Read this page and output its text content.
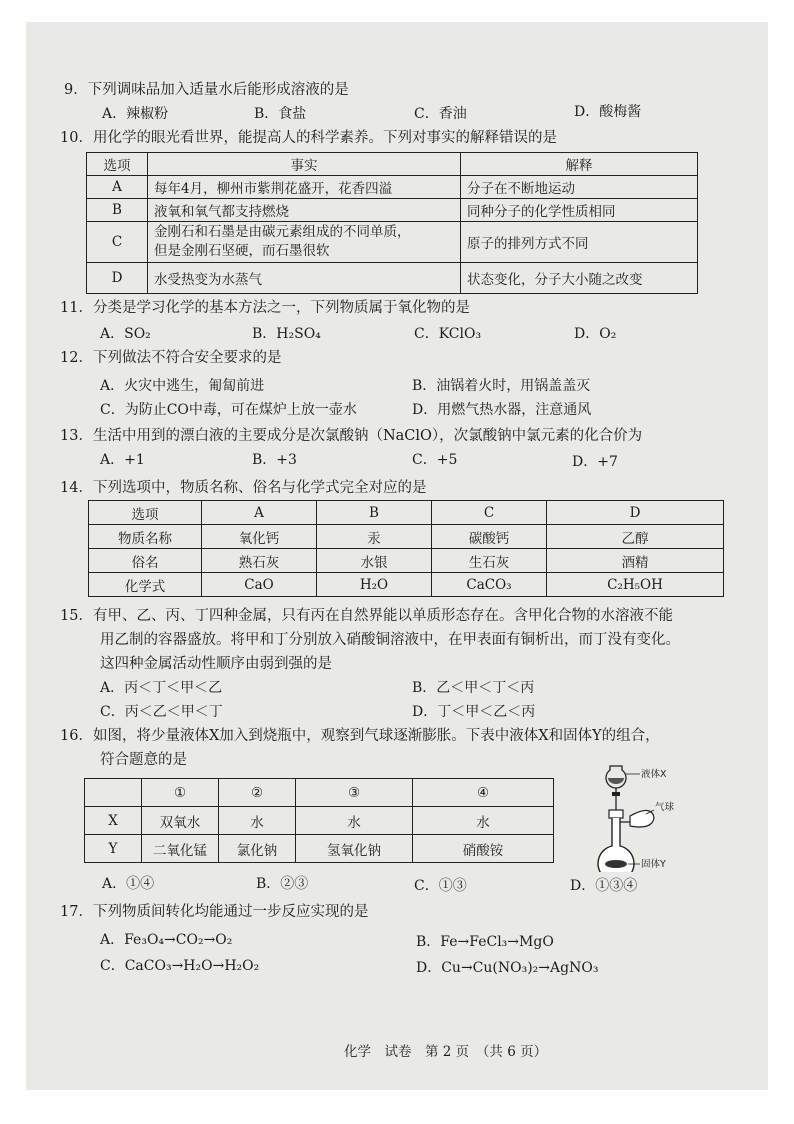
9．下列调味品加入适量水后能形成溶液的是
A．辣椒粉	B．食盐	C．香油	D．酸梅酱
10．用化学的眼光看世界，能提高人的科学素养。下列对事实的解释错误的是
选项	事实	解释
A	每年4月，柳州市紫荆花盛开，花香四溢	分子在不断地运动
B	液氧和氧气都支持燃烧	同种分子的化学性质相同
C	金刚石和石墨是由碳元素组成的不同单质，
但是金刚石坚硬，而石墨很软	原子的排列方式不同
D	水受热变为水蒸气	状态变化，分子大小随之改变
11．分类是学习化学的基本方法之一，下列物质属于氧化物的是
A．SO₂	B．H₂SO₄	C．KClO₃	D．O₂
12．下列做法不符合安全要求的是
A．火灾中逃生，匍匐前进	B．油锅着火时，用锅盖盖灭
C．为防止CO中毒，可在煤炉上放一壶水	D．用燃气热水器，注意通风
13．生活中用到的漂白液的主要成分是次氯酸钠（NaClO），次氯酸钠中氯元素的化合价为
A．+1	B．+3	C．+5	D．+7
14．下列选项中，物质名称、俗名与化学式完全对应的是
选项	A	B	C	D
物质名称	氧化钙	汞	碳酸钙	乙醇
俗名	熟石灰	水银	生石灰	酒精
化学式	CaO	H₂O	CaCO₃	C₂H₅OH
15．有甲、乙、丙、丁四种金属，只有丙在自然界能以单质形态存在。含甲化合物的水溶液不能
用乙制的容器盛放。将甲和丁分别放入硝酸铜溶液中，在甲表面有铜析出，而丁没有变化。
这四种金属活动性顺序由弱到强的是
A．丙＜丁＜甲＜乙	B．乙＜甲＜丁＜丙
C．丙＜乙＜甲＜丁	D．丁＜甲＜乙＜丙
16．如图，将少量液体X加入到烧瓶中，观察到气球逐渐膨胀。下表中液体X和固体Y的组合，
符合题意的是
	①	②	③	④
X	双氧水	水	水	水
Y	二氧化锰	氯化钠	氢氧化钠	硝酸铵
液体X
气球
固体Y
A．①④	B．②③	C．①③	D．①③④
17．下列物质间转化均能通过一步反应实现的是
A．Fe₃O₄→CO₂→O₂	B．Fe→FeCl₃→MgO
C．CaCO₃→H₂O→H₂O₂	D．Cu→Cu(NO₃)₂→AgNO₃
化学　试卷　第 2 页　（共 6 页）
